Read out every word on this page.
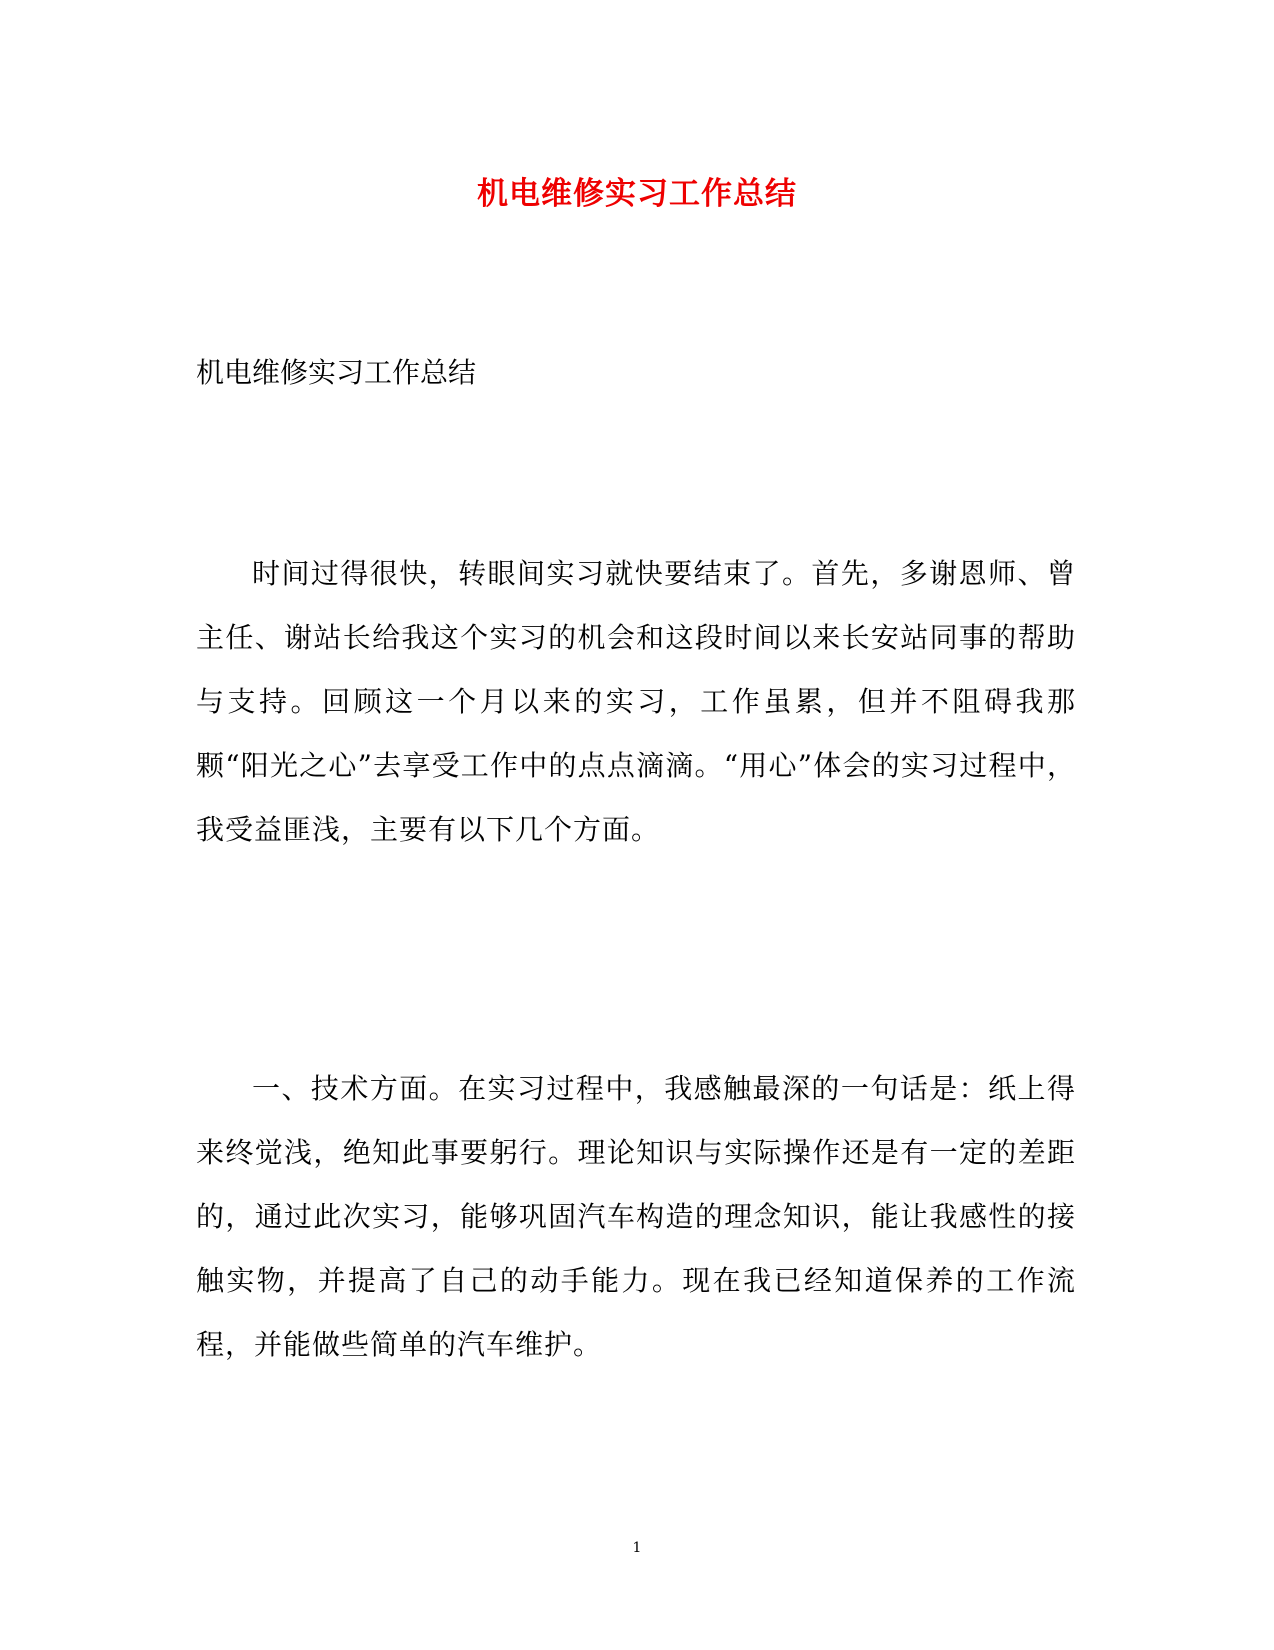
机电维修实习工作总结

机电维修实习工作总结

时间过得很快，转眼间实习就快要结束了。首先，多谢恩师、曾主任、谢站长给我这个实习的机会和这段时间以来长安站同事的帮助与支持。回顾这一个月以来的实习，工作虽累，但并不阻碍我那颗“阳光之心”去享受工作中的点点滴滴。“用心”体会的实习过程中，我受益匪浅，主要有以下几个方面。

一、技术方面。在实习过程中，我感触最深的一句话是：纸上得来终觉浅，绝知此事要躬行。理论知识与实际操作还是有一定的差距的，通过此次实习，能够巩固汽车构造的理念知识，能让我感性的接触实物，并提高了自己的动手能力。现在我已经知道保养的工作流程，并能做些简单的汽车维护。

1
